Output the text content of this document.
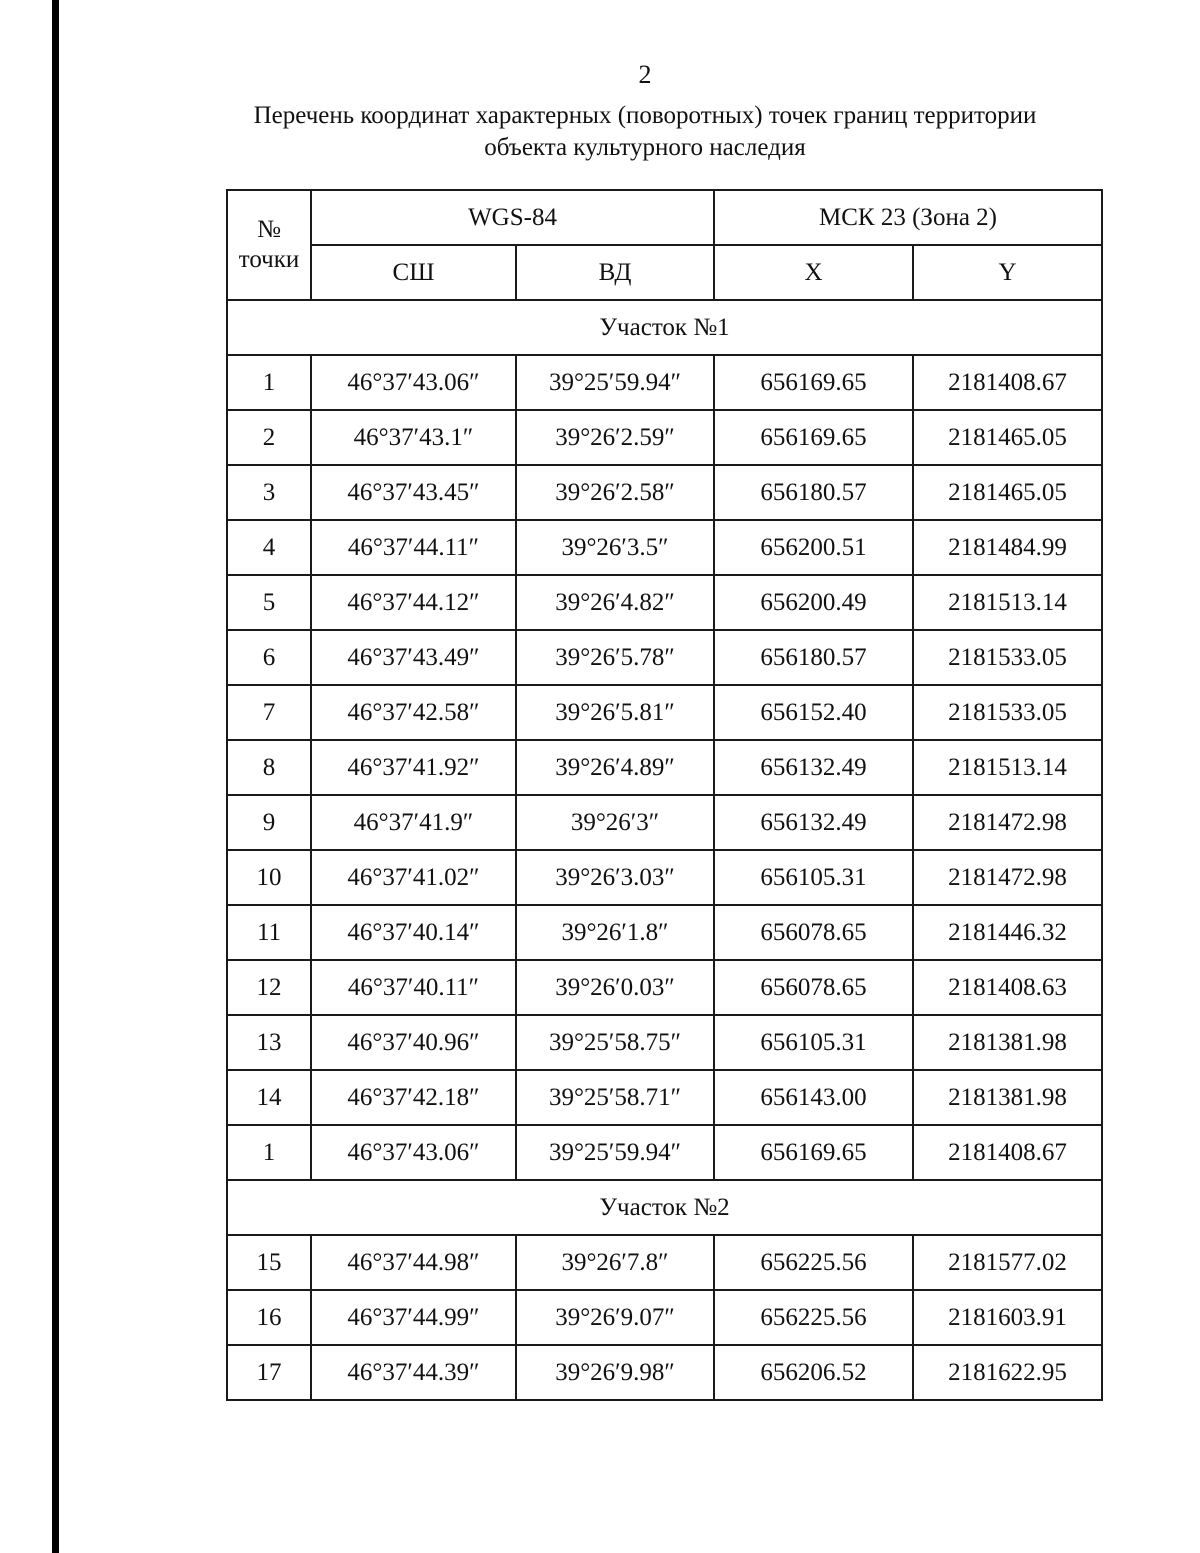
2
Перечень координат характерных (поворотных) точек границ территории
объекта культурного наследия
№
точки	WGS-84		МСК 23 (Зона 2)	
	СШ	ВД	X	Y
Участок №1				
1	46°37′43.06″	39°25′59.94″	656169.65	2181408.67
2	46°37′43.1″	39°26′2.59″	656169.65	2181465.05
3	46°37′43.45″	39°26′2.58″	656180.57	2181465.05
4	46°37′44.11″	39°26′3.5″	656200.51	2181484.99
5	46°37′44.12″	39°26′4.82″	656200.49	2181513.14
6	46°37′43.49″	39°26′5.78″	656180.57	2181533.05
7	46°37′42.58″	39°26′5.81″	656152.40	2181533.05
8	46°37′41.92″	39°26′4.89″	656132.49	2181513.14
9	46°37′41.9″	39°26′3″	656132.49	2181472.98
10	46°37′41.02″	39°26′3.03″	656105.31	2181472.98
11	46°37′40.14″	39°26′1.8″	656078.65	2181446.32
12	46°37′40.11″	39°26′0.03″	656078.65	2181408.63
13	46°37′40.96″	39°25′58.75″	656105.31	2181381.98
14	46°37′42.18″	39°25′58.71″	656143.00	2181381.98
1	46°37′43.06″	39°25′59.94″	656169.65	2181408.67
Участок №2				
15	46°37′44.98″	39°26′7.8″	656225.56	2181577.02
16	46°37′44.99″	39°26′9.07″	656225.56	2181603.91
17	46°37′44.39″	39°26′9.98″	656206.52	2181622.95
